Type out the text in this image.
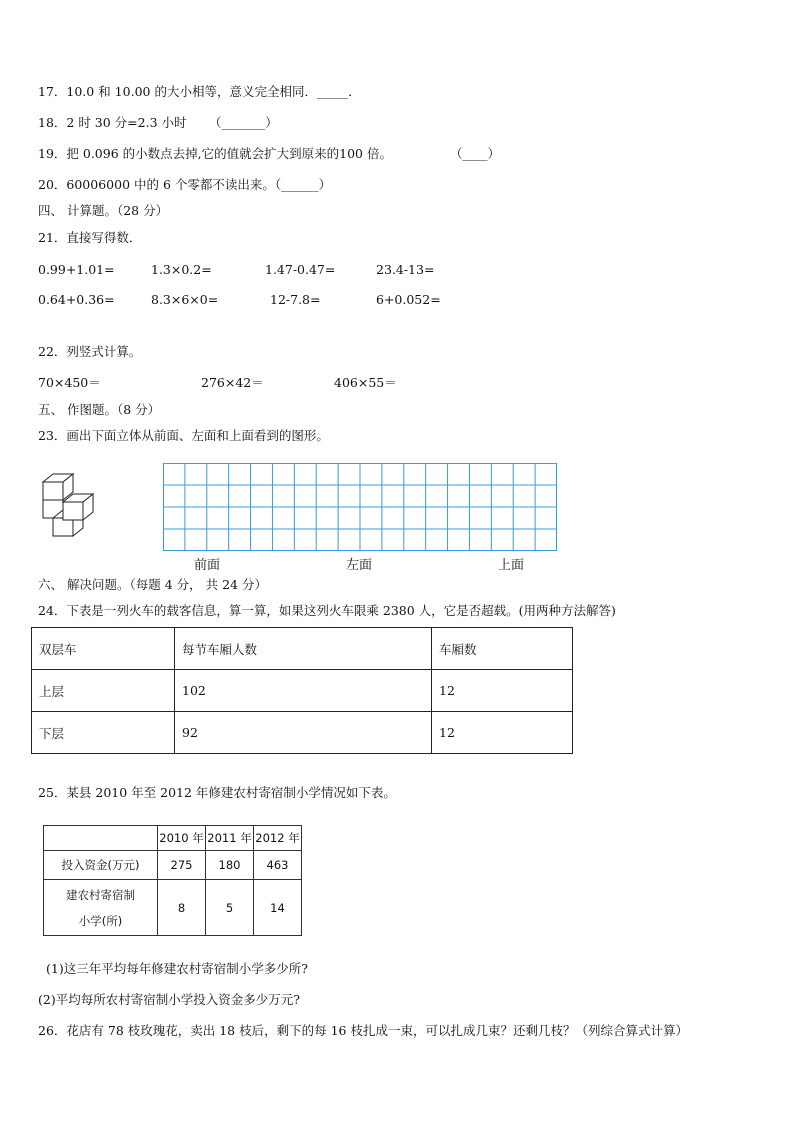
17．10.0 和 10.00 的大小相等，意义完全相同．_____．
18．2 时 30 分=2.3 小时 （_______）
19．把 0.096 的小数点去掉,它的值就会扩大到原来的100 倍。	（____）
20．60006000 中的 6 个零都不读出来。（______）
四、 计算题。（28 分）
21．直接写得数．
0.99+1.01=	1.3×0.2=	1.47-0.47=	23.4-13=
0.64+0.36=	8.3×6×0=	12-7.8=	6+0.052=
22．列竖式计算。
70×450＝	276×42＝	406×55＝
五、 作图题。（8 分）
23．画出下面立体从前面、左面和上面看到的图形。
前面	左面	上面
六、 解决问题。（每题 4 分， 共 24 分）
24．下表是一列火车的载客信息，算一算，如果这列火车限乘 2380 人，它是否超载。(用两种方法解答)
双层车	每节车厢人数	车厢数
上层	102	12
下层	92	12
25．某县 2010 年至 2012 年修建农村寄宿制小学情况如下表。
	2010 年	2011 年	2012 年
投入资金(万元)	275	180	463

建农村寄宿制
小学(所)	8	5	14
(1)这三年平均每年修建农村寄宿制小学多少所?
(2)平均每所农村寄宿制小学投入资金多少万元?
26．花店有 78 枝玫瑰花，卖出 18 枝后，剩下的每 16 枝扎成一束，可以扎成几束？还剩几枝？（列综合算式计算）
